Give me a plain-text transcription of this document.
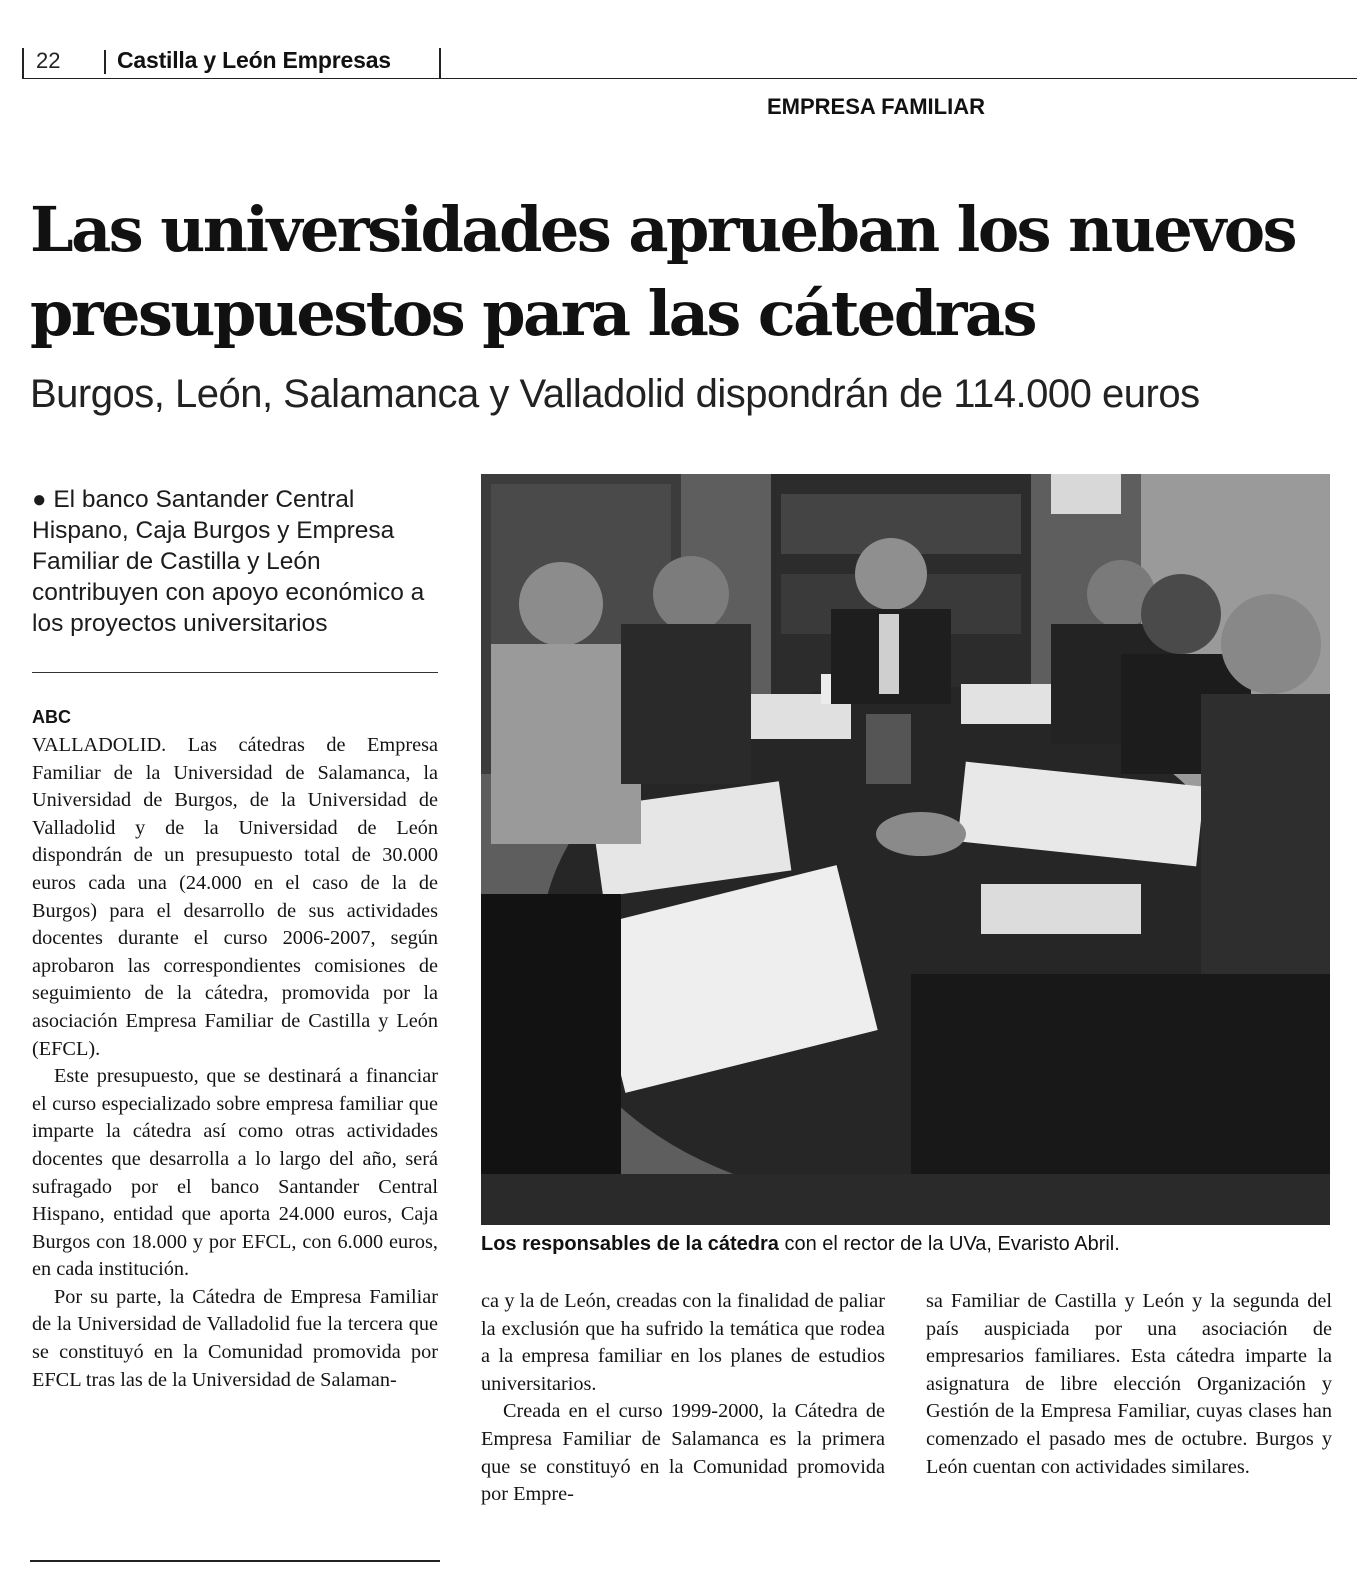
22 Castilla y León Empresas
EMPRESA FAMILIAR
Las universidades aprueban los nuevos
presupuestos para las cátedras
Burgos, León, Salamanca y Valladolid dispondrán de 114.000 euros
● El banco Santander Central Hispano, Caja Burgos y Empresa Familiar de Castilla y León contribuyen con apoyo económico a los proyectos universitarios
ABC

VALLADOLID. Las cátedras de Empresa Familiar de la Universidad de Salamanca, la Universidad de Burgos, de la Universidad de Valladolid y de la Universidad de León dispondrán de un presupuesto total de 30.000 euros cada una (24.000 en el caso de la de Burgos) para el desarrollo de sus actividades docentes durante el curso 2006-2007, según aprobaron las correspondientes comisiones de seguimiento de la cátedra, promovida por la asociación Empresa Familiar de Castilla y León (EFCL).

Este presupuesto, que se destinará a financiar el curso especializado sobre empresa familiar que imparte la cátedra así como otras actividades docentes que desarrolla a lo largo del año, será sufragado por el banco Santander Central Hispano, entidad que aporta 24.000 euros, Caja Burgos con 18.000 y por EFCL, con 6.000 euros, en cada institución.

Por su parte, la Cátedra de Empresa Familiar de la Universidad de Valladolid fue la tercera que se constituyó en la Comunidad promovida por EFCL tras las de la Universidad de Salaman-

Los responsables de la cátedra con el rector de la UVa, Evaristo Abril.

ca y la de León, creadas con la finalidad de paliar la exclusión que ha sufrido la temática que rodea a la empresa familiar en los planes de estudios universitarios.

Creada en el curso 1999-2000, la Cátedra de Empresa Familiar de Salamanca es la primera que se constituyó en la Comunidad promovida por Empre-

sa Familiar de Castilla y León y la segunda del país auspiciada por una asociación de empresarios familiares. Esta cátedra imparte la asignatura de libre elección Organización y Gestión de la Empresa Familiar, cuyas clases han comenzado el pasado mes de octubre. Burgos y León cuentan con actividades similares.
